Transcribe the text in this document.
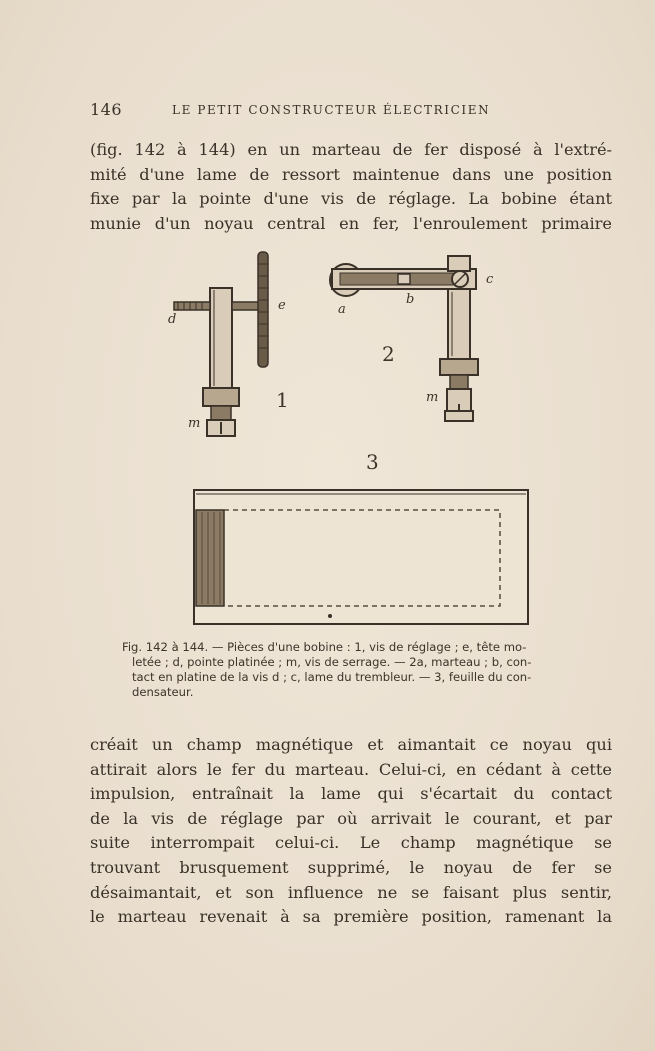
146	LE PETIT CONSTRUCTEUR ÉLECTRICIEN
(fig. 142 à 144) en un marteau de fer disposé à l'extré-
mité d'une lame de ressort maintenue dans une position
fixe par la pointe d'une vis de réglage. La bobine étant
munie d'un noyau central en fer, l'enroulement primaire
d
e
m
1
a
b
c
m
2
3
Fig. 142 à 144. — Pièces d'une bobine : 1, vis de réglage ; e, tête mo-
letée ; d, pointe platinée ; m, vis de serrage. — 2a, marteau ; b, con-
tact en platine de la vis d ; c, lame du trembleur. — 3, feuille du con-
densateur.
créait un champ magnétique et aimantait ce noyau qui
attirait alors le fer du marteau. Celui-ci, en cédant à cette
impulsion, entraînait la lame qui s'écartait du contact
de la vis de réglage par où arrivait le courant, et par
suite interrompait celui-ci. Le champ magnétique se
trouvant brusquement supprimé, le noyau de fer se
désaimantait, et son influence ne se faisant plus sentir,
le marteau revenait à sa première position, ramenant la
